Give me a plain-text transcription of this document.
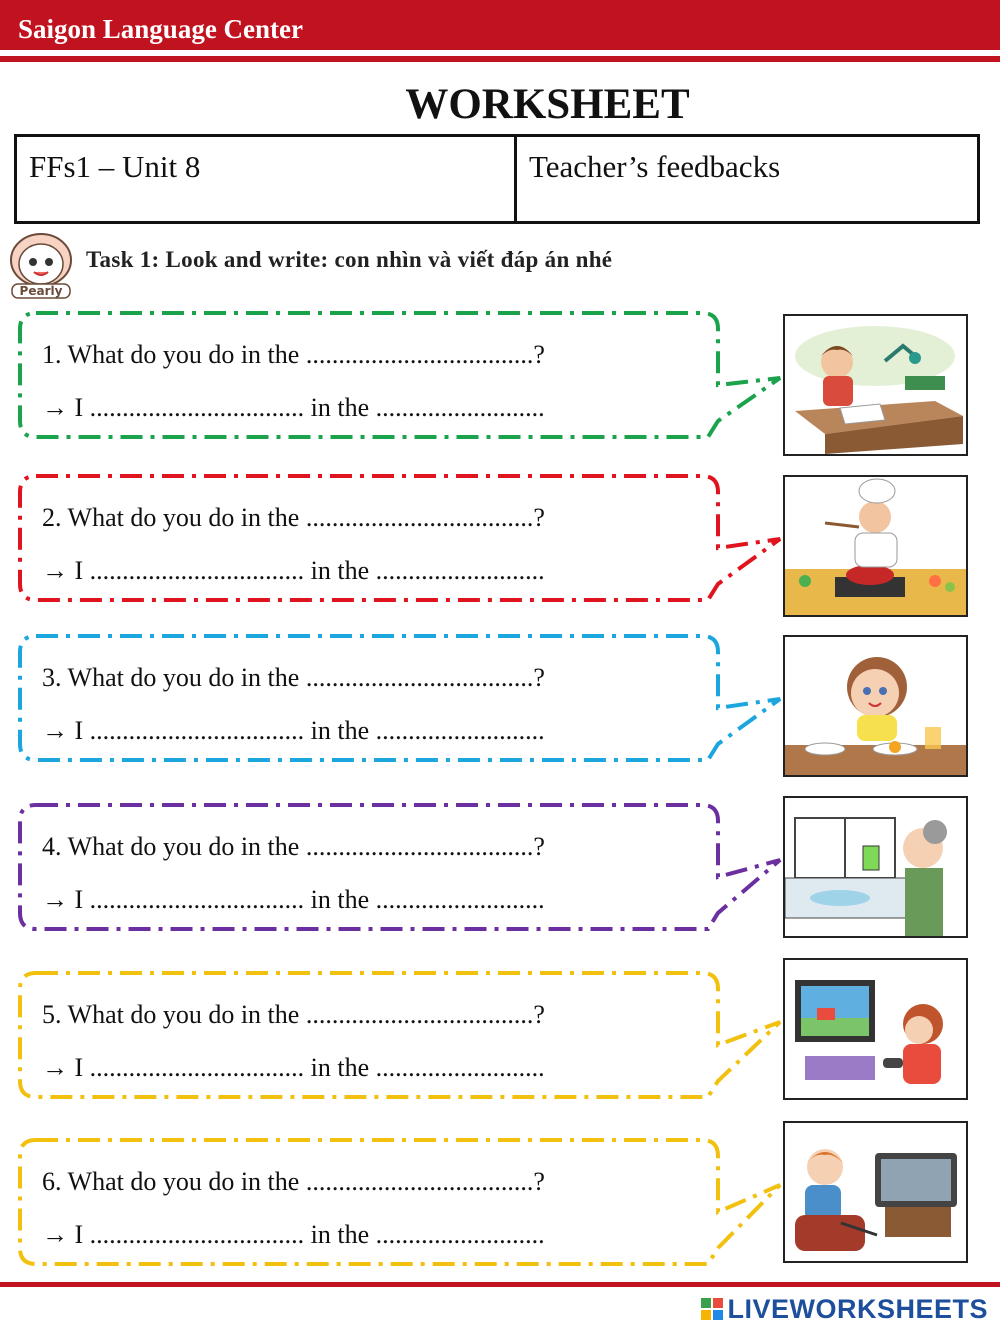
Saigon Language Center
WORKSHEET
FFs1 – Unit 8	Teacher’s feedbacks
Pearly
Task 1: Look and write: con nhìn và viết đáp án nhé
1. What do you do in the ...................................?
→ I ................................. in the ..........................
2. What do you do in the ...................................?
→ I ................................. in the ..........................
3. What do you do in the ...................................?
→ I ................................. in the ..........................
4. What do you do in the ...................................?
→ I ................................. in the ..........................
5. What do you do in the ...................................?
→ I ................................. in the ..........................
6. What do you do in the ...................................?
→ I ................................. in the ..........................
LIVEWORKSHEETS
